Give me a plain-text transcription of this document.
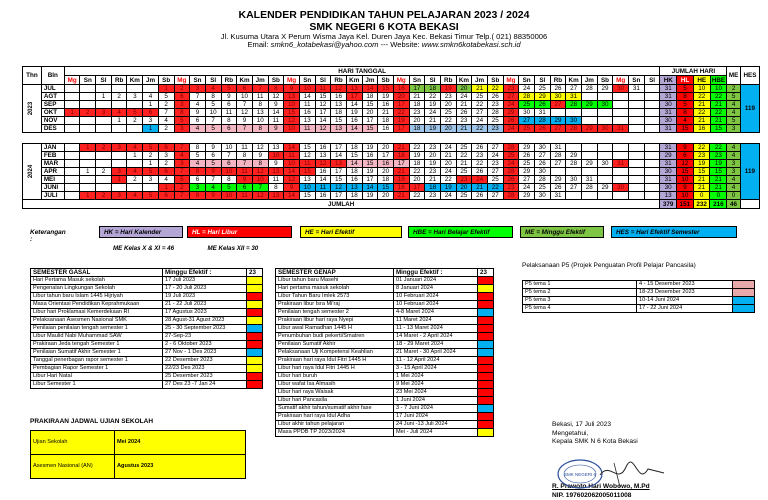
KALENDER PENDIDIKAN TAHUN PELAJARAN 2023 / 2024
SMK NEGERI 6 KOTA BEKASI
Jl. Kusuma Utara X Perum Wisma Jaya Kel. Duren Jaya Kec. Bekasi Timur Telp.( 021) 88350006
Email: smkn6_kotabekasi@yahoo.com --- Website: www.smkn6kotabekasi.sch.id
Thn	Bln	HARI TANGGAL																																						JUMLAH HARI				ME	HES
		Mg	Sn	Sl	Rb	Km	Jm	Sb	Mg	Sn	Sl	Rb	Km	Jm	Sb	Mg	Sn	Sl	Rb	Km	Jm	Sb	Mg	Sn	Sl	Rb	Km	Jm	Sb	Mg	Sn	Sl	Rb	Km	Jm	Sb	Mg	Sn	Sl	HK	HL	HE	HBE		
2023	JUL							1	2	3	4	5	6	7	8	9	10	11	12	13	14	15	16	17	18	19	20	21	22	23	24	25	26	27	28	29	30	31		31	5	10	10	2	119
	AGT			1	2	3	4	5	6	7	8	9	10	11	12	13	14	15	16	17	18	19	20	21	22	23	24	25	26	27	28	29	30	31						31	8	22	22	5	
	SEP						1	2	3	4	5	6	7	8	9	10	11	12	13	14	15	16	17	18	19	20	21	22	23	24	25	26	27	28	29	30				30	5	21	21	4	
	OKT	1	2	3	4	5	6	7	8	9	10	11	12	13	14	15	16	17	18	19	20	21	22	23	24	25	26	27	28	29	30	31								31	8	22	22	4	
	NOV				1	2	3	4	5	6	7	8	9	10	11	12	13	14	15	16	17	18	19	20	21	22	23	24	25	26	27	28	29	30						30	4	21	21	5	
	DES						1	2	3	4	5	6	7	8	9	10	11	12	13	14	15	16	17	18	19	20	21	22	23	24	25	26	27	28	29	30	31			31	15	16	15	3	
2024	JAN		1	2	3	4	5	6	7	8	9	10	11	12	13	14	15	16	17	18	19	20	21	22	23	24	25	26	27	28	29	30	31							31	9	22	22	4	119
	FEB					1	2	3	4	5	6	7	8	9	10	11	12	13	14	15	16	17	18	19	20	21	22	23	24	25	26	27	28	29						29	6	23	23	4	
	MAR						1	2	3	4	5	6	7	8	9	10	11	12	13	14	15	16	17	18	19	20	21	22	23	24	25	26	27	28	29	30	31			31	12	19	19	3	
	APR		1	2	3	4	5	6	7	8	9	10	11	12	13	14	15	16	17	18	19	20	21	22	23	24	25	26	27	28	29	30								30	15	15	15	3	
	MEI				1	2	3	4	5	6	7	8	9	10	11	12	13	14	15	16	17	18	19	20	21	22	23	24	25	26	27	28	29	30	31					31	10	21	21	4	
	JUNI							1	2	3	4	5	6	7	8	9	10	11	12	13	14	15	16	17	18	19	20	21	22	23	24	25	26	27	28	29	30			30	9	21	21	4	
	JULI		1	2	3	4	5	6	7	8	9	10	11	12	13	14	15	16	17	18	19	20	21	22	23	24	25	26	27	28	29	30	31							13	10	0	0	0	
JUMLAH																																								379	151	232	216	46	
Keterangan :
HK = Hari Kalender	HL = Hari Libur	HE = Hari Efektif	HBE = Hari Belajar Efektif	ME = Minggu Efektif	HES = Hari Efektif Semester
ME Kelas X & XI = 46	ME Kelas XII = 30
SEMESTER GASAL	Minggu Efektif :	23
Hari Pertama Masuk sekolah	17 Juli 2023	
Pengenalan Lingkungan Sekolah	17 - 20 Juli 2023	
Libur tahun baru Islam 1445 Hijriyah	19 Juli 2023	
Masa Orientasi Pendidikan Keprahmukaan	21 - 22 Juli 2023	
Libur hari Proklamasi Kemerdekaan RI	17 Agustus 2023	
Pelaksanaan Asesmen Nasional SMK	28 Agust-31 Agust 2023	
Penilaian penilaian tengah semester 1	25 - 30 September 2023	
Libur Maulid Nabi Muhammad SAW	27-Sep-23	
Prakiraan Jeda tengah Semester 1	2 - 6 Oktober 2023	
Penilaian Sumatif Akhir Semester 1	27 Nov - 1 Des 2023	
Tanggal penerbagan rapor semester 1	22 Desember 2023	
Pembagian Rapor Semester 1	22/23 Des 2023	
Libur Hari Natal	25 Desember 2023	
Libur Semester 1	27 Des 23 -7 Jan 24	
SEMESTER GENAP	Minggu Efektif :	23
Libur tahun baru Masehi	01 Januari 2024	
Hari pertama masuk sekolah	8 Januari 2024	
Libur Tahun Baru Imlek 2573	10 Februari 2024	
Prakiraan libur Isra Mi'raj	10 Februari 2024	
Penilaian tengah semester 2	4-8 Maret 2024	
Prakiraan libur hari raya Nyepi	11 Maret 2024	
Libur awal Ramadhan 1445 H	11 - 13 Maret 2024	
Penumbuhan budi pekerti/Smatren	14 Maret - 2 April 2024	
Penilaian Sumatif Akhir	18 - 29 Maret 2024	
Pelaksanaan Uji Kompetensi Keahlian	21 Maret - 30 April 2024	
Prakiraan hari raya Idul Fitri 1445 H	11 - 12 April 2024	
Libur hari raya Idul Fitri 1445 H	3 - 15 April 2024	
Libur hari buruh	1 Mei 2024	
Libur wafat Isa Almasih	9 Mei 2024	
Libur hari raya Waisak	23 Mei 2024	
Libur hari Pancasila	1 Juni 2024	
Sumatif akhir tahun/sumatif akhir fase	3 - 7 Juni 2024	
Prakiraan hari raya Idul Adha	17 Juni 2024	
Libur akhir tahun pelajaran	24 Juni -13 Juli 2024	
Masa PPDB TP 2023/2024	Mei - Juli 2024	
Pelaksanaan P5 (Projek Penguatan Profil Pelajar Pancasila)
P5 tema 1	4 - 15 Desember 2023	
P5 tema 2	18-23 Desember 2023	
P5 tema 3	10-14 Juni 2024	
P5 tema 4	17 - 22 Juni 2024	
PRAKIRAAN JADWAL UJIAN SEKOLAH
Ujian Sekolah	Mei 2024
Asesmen Nasional (AN)	Agustus 2023
Bekasi, 17 Juli 2023
Mengetahui,
Kepala SMK N 6 Kota Bekasi
R. Prawoto Hari Wobowo, M.Pd
NIP. 197602062005011008
SMK NEGERI 6
